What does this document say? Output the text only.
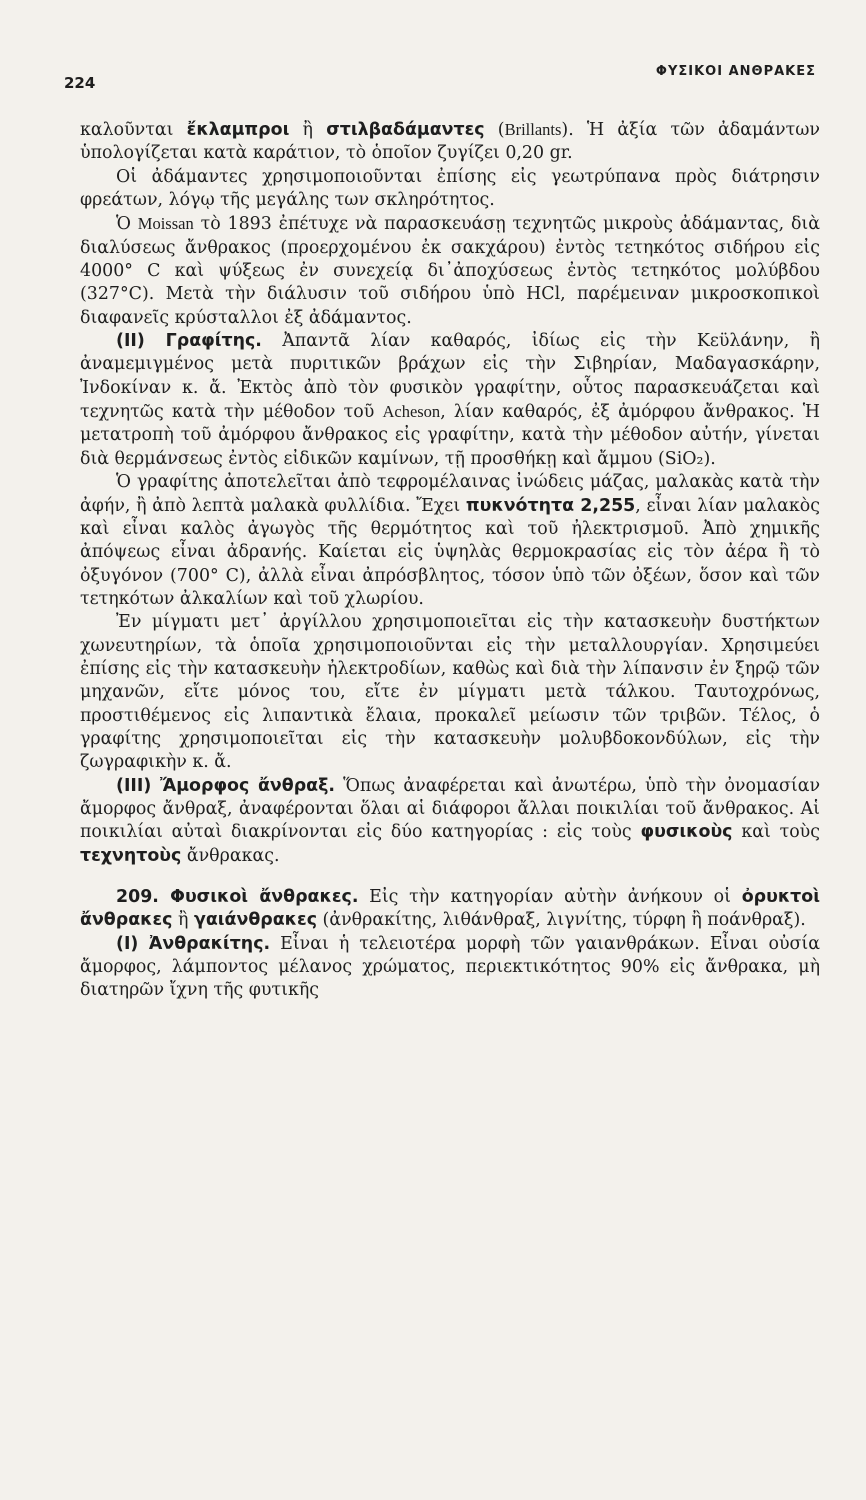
224
ΦΥΣΙΚΟΙ ΑΝΘΡΑΚΕΣ

καλοῦνται ἔκλαμπροι ἢ στιλβαδάμαντες (Brillants). Ἡ ἀξία τῶν ἀδαμάντων ὑπολογίζεται κατὰ καράτιον, τὸ ὁποῖον ζυγίζει 0,20 gr.

Οἱ ἀδάμαντες χρησιμοποιοῦνται ἐπίσης εἰς γεωτρύπανα πρὸς διάτρησιν φρεάτων, λόγῳ τῆς μεγάλης των σκληρότητος.

Ὁ Moissan τὸ 1893 ἐπέτυχε νὰ παρασκευάσῃ τεχνητῶς μικροὺς ἀδάμαντας, διὰ διαλύσεως ἄνθρακος (προερχομένου ἐκ σακχάρου) ἐντὸς τετηκότος σιδήρου εἰς 4000° C καὶ ψύξεως ἐν συνεχείᾳ δι᾽ἀποχύσεως ἐντὸς τετηκότος μολύβδου (327°C). Μετὰ τὴν διάλυσιν τοῦ σιδήρου ὑπὸ HCl, παρέμειναν μικροσκοπικοὶ διαφανεῖς κρύσταλλοι ἐξ ἀδάμαντος.

(II) Γραφίτης. Ἀπαντᾶ λίαν καθαρός, ἰδίως εἰς τὴν Κεϋλάνην, ἢ ἀναμεμιγμένος μετὰ πυριτικῶν βράχων εἰς τὴν Σιβηρίαν, Μαδαγασκάρην, Ἰνδοκίναν κ. ἄ. Ἐκτὸς ἀπὸ τὸν φυσικὸν γραφίτην, οὗτος παρασκευάζεται καὶ τεχνητῶς κατὰ τὴν μέθοδον τοῦ Acheson, λίαν καθαρός, ἐξ ἀμόρφου ἄνθρακος. Ἡ μετατροπὴ τοῦ ἀμόρφου ἄνθρακος εἰς γραφίτην, κατὰ τὴν μέθοδον αὐτήν, γίνεται διὰ θερμάνσεως ἐντὸς εἰδικῶν καμίνων, τῇ προσθήκῃ καὶ ἄμμου (SiO₂).

Ὁ γραφίτης ἀποτελεῖται ἀπὸ τεφρομέλαινας ἰνώδεις μάζας, μαλακὰς κατὰ τὴν ἀφήν, ἢ ἀπὸ λεπτὰ μαλακὰ φυλλίδια. Ἔχει πυκνότητα 2,255, εἶναι λίαν μαλακὸς καὶ εἶναι καλὸς ἀγωγὸς τῆς θερμότητος καὶ τοῦ ἠλεκτρισμοῦ. Ἀπὸ χημικῆς ἀπόψεως εἶναι ἀδρανής. Καίεται εἰς ὑψηλὰς θερμοκρασίας εἰς τὸν ἀέρα ἢ τὸ ὀξυγόνον (700° C), ἀλλὰ εἶναι ἀπρόσβλητος, τόσον ὑπὸ τῶν ὀξέων, ὅσον καὶ τῶν τετηκότων ἀλκαλίων καὶ τοῦ χλωρίου.

Ἐν μίγματι μετ᾽ ἀργίλλου χρησιμοποιεῖται εἰς τὴν κατασκευὴν δυστήκτων χωνευτηρίων, τὰ ὁποῖα χρησιμοποιοῦνται εἰς τὴν μεταλλουργίαν. Χρησιμεύει ἐπίσης εἰς τὴν κατασκευὴν ἠλεκτροδίων, καθὼς καὶ διὰ τὴν λίπανσιν ἐν ξηρῷ τῶν μηχανῶν, εἴτε μόνος του, εἴτε ἐν μίγματι μετὰ τάλκου. Ταυτοχρόνως, προστιθέμενος εἰς λιπαντικὰ ἔλαια, προκαλεῖ μείωσιν τῶν τριβῶν. Τέλος, ὁ γραφίτης χρησιμοποιεῖται εἰς τὴν κατασκευὴν μολυβδοκονδύλων, εἰς τὴν ζωγραφικὴν κ. ἄ.

(III) Ἄμορφος ἄνθραξ. Ὅπως ἀναφέρεται καὶ ἀνωτέρω, ὑπὸ τὴν ὀνομασίαν ἄμορφος ἄνθραξ, ἀναφέρονται ὅλαι αἱ διάφοροι ἄλλαι ποικιλίαι τοῦ ἄνθρακος. Αἱ ποικιλίαι αὐταὶ διακρίνονται εἰς δύο κατηγορίας : εἰς τοὺς φυσικοὺς καὶ τοὺς τεχνητοὺς ἄνθρακας.

209. Φυσικοὶ ἄνθρακες. Εἰς τὴν κατηγορίαν αὐτὴν ἀνήκουν οἱ ὀρυκτοὶ ἄνθρακες ἢ γαιάνθρακες (ἀνθρακίτης, λιθάνθραξ, λιγνίτης, τύρφη ἢ ποάνθραξ).

(I) Ἀνθρακίτης. Εἶναι ἡ τελειοτέρα μορφὴ τῶν γαιανθράκων. Εἶναι οὐσία ἄμορφος, λάμποντος μέλανος χρώματος, περιεκτικότητος 90% εἰς ἄνθρακα, μὴ διατηρῶν ἴχνη τῆς φυτικῆς
